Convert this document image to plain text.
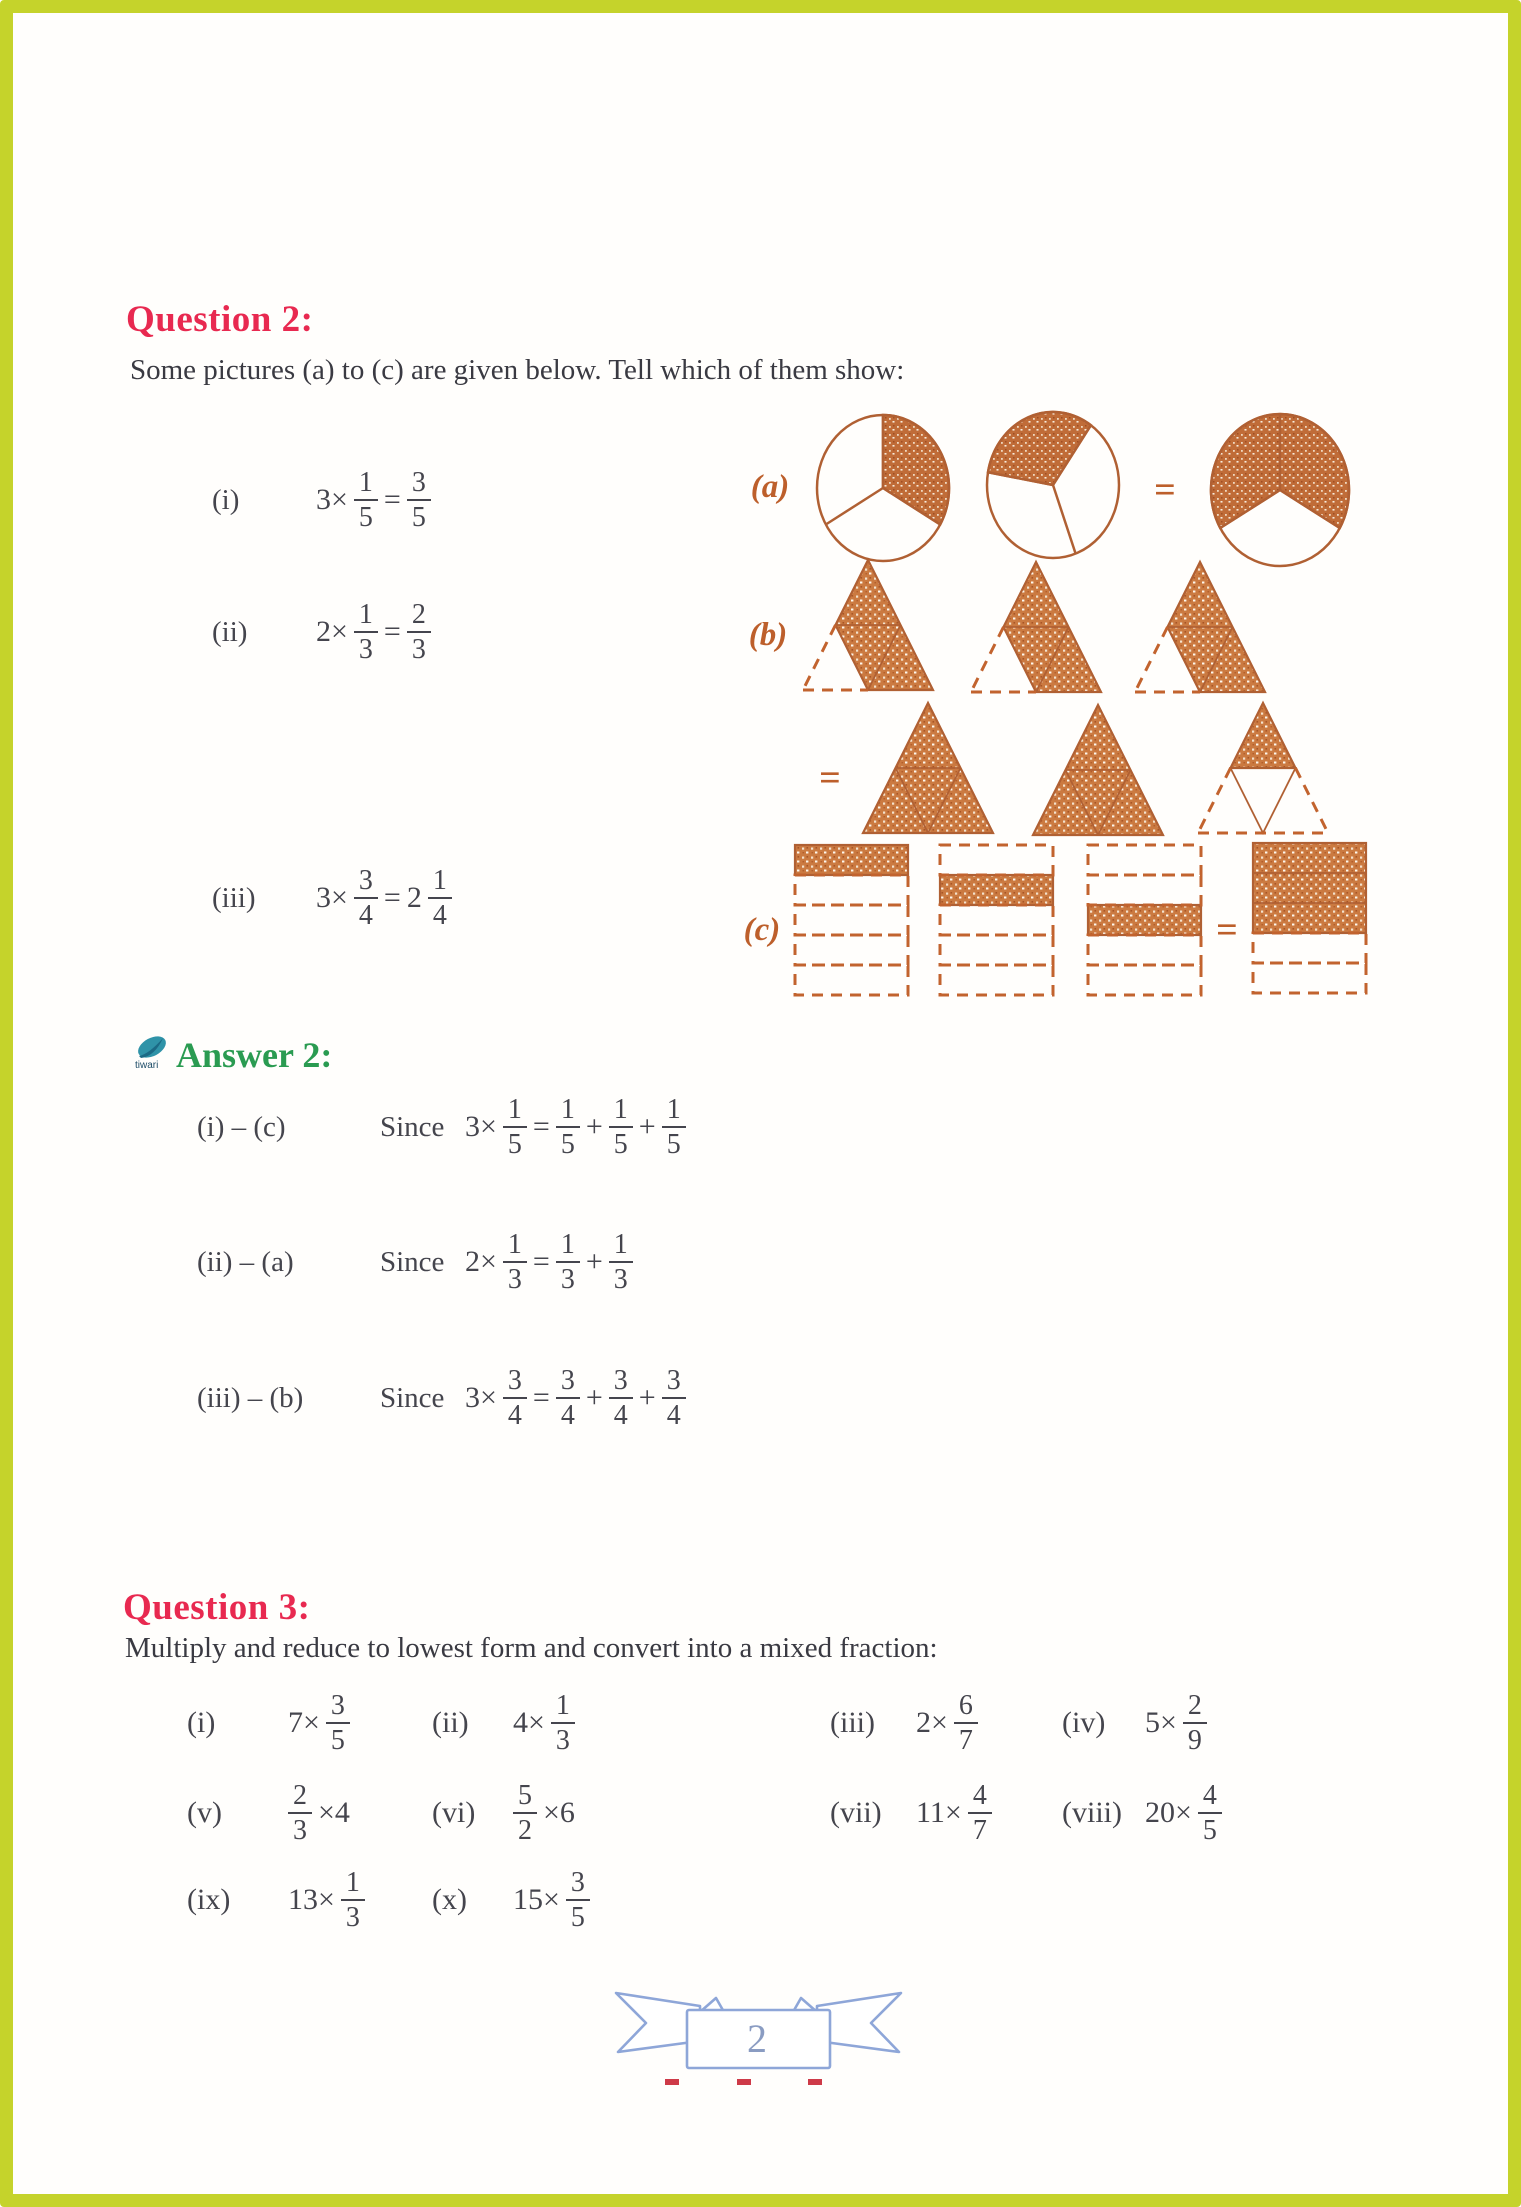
Question 2:
Some pictures (a) to (c) are given below. Tell which of them show:
(i)	$3\times \frac{1}{5} = \frac{3}{5}$
(ii)	$2\times \frac{1}{3} = \frac{2}{3}$
(iii)	$3\times \frac{3}{4} = 2 \frac{1}{4}$
(a)	=
(b)
=
(c)	=
tiwari Answer 2:
(i) – (c)	Since $3\times \frac{1}{5} = \frac{1}{5} + \frac{1}{5} + \frac{1}{5}$
(ii) – (a)	Since $2\times \frac{1}{3} = \frac{1}{3} + \frac{1}{3}$
(iii) – (b)	Since $3\times \frac{3}{4} = \frac{3}{4} + \frac{3}{4} + \frac{3}{4}$
Question 3:
Multiply and reduce to lowest form and convert into a mixed fraction:
(i) $7\times \frac{3}{5}$	(ii) $4\times \frac{1}{3}$	(iii) $2\times \frac{6}{7}$	(iv) $5\times \frac{2}{9}$
$(v) \frac{2}{3} \times 4$	$(vi) \frac{5}{2} \times 6$	(vii) $11\times \frac{4}{7}$ (viii) $20\times \frac{4}{5}$
(ix) $13\times \frac{1}{3} (x)$ $15\times \frac{3}{5}$
2
